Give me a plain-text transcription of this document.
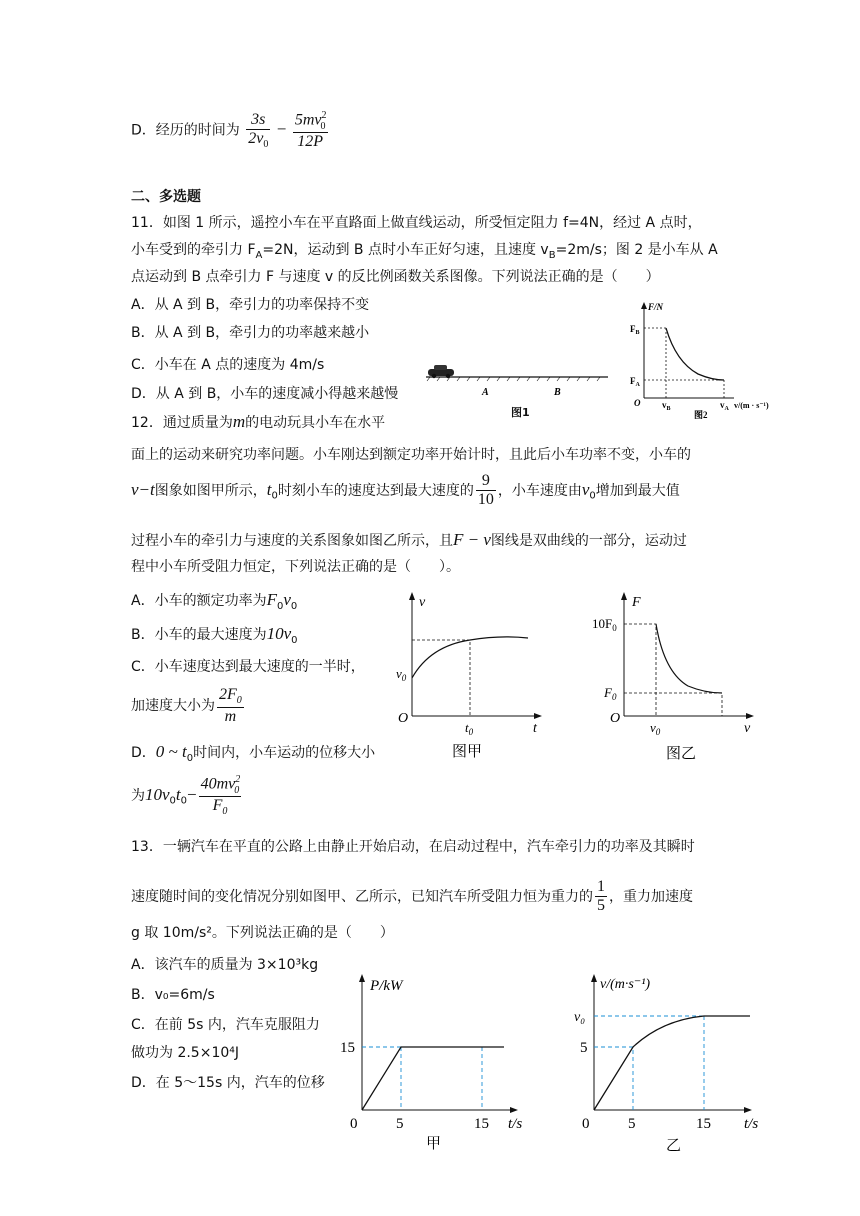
D．经历的时间为 $\frac{3s}{2v_0} - \frac{5mv^2_0}{12P}$
二、多选题
11．如图 1 所示，遥控小车在平直路面上做直线运动，所受恒定阻力 f=4N，经过 A 点时，
小车受到的牵引力 $F_A=2N$，运动到 B 点时小车正好匀速，且速度 $v_B=2m/s$；图 2 是小车从 A
点运动到 B 点牵引力 F 与速度 v 的反比例函数关系图像。下列说法正确的是（　　）
A．从 A 到 B，牵引力的功率保持不变
B．从 A 到 B，牵引力的功率越来越小
C．小车在 A 点的速度为 4m/s
D．从 A 到 B，小车的速度减小得越来越慢	A	B
图1
F/N
$F_B$
$F_A$
O $v_B$	$v_A$ v/(m · s⁻¹)
图2
12．通过质量为m的电动玩具小车在水平
面上的运动来研究功率问题。小车刚达到额定功率开始计时，且此后小车功率不变，小车的
v−t图象如图甲所示，$t_0$时刻小车的速度达到最大速度的 $\frac{9}{10}$ ，小车速度由$v_0$增加到最大值
过程小车的牵引力与速度的关系图象如图乙所示，且F − v图线是双曲线的一部分，运动过
程中小车所受阻力恒定，下列说法正确的是（　　）。
A．小车的额定功率为$F_0v_0$
B．小车的最大速度为$10v_0$
C．小车速度达到最大速度的一半时，
加速度大小为 $\frac{2F_0}{m}$
D．0 ~ $t_0$时间内，小车运动的位移大小
为$10v_0t_0- \frac{40mv^2_0}{F_0}$
v
$v_0$
O
$t_0$	t
图甲
F
$10F_0$
$F_0$
O
$v_0$	v
图乙
13．一辆汽车在平直的公路上由静止开始启动，在启动过程中，汽车牵引力的功率及其瞬时
速度随时间的变化情况分别如图甲、乙所示，已知汽车所受阻力恒为重力的 $\frac{1}{5}$ ，重力加速度
g 取 10m/s²。下列说法正确的是（　　）
A．该汽车的质量为 3×10³kg
B．v₀=6m/s
C．在前 5s 内，汽车克服阻力
做功为 2.5×10⁴J
D．在 5～15s 内，汽车的位移
P/kW
15
0	5	15 t/s
甲
v/(m·s⁻¹)
v₀
5
0	5	15 t/s
乙
